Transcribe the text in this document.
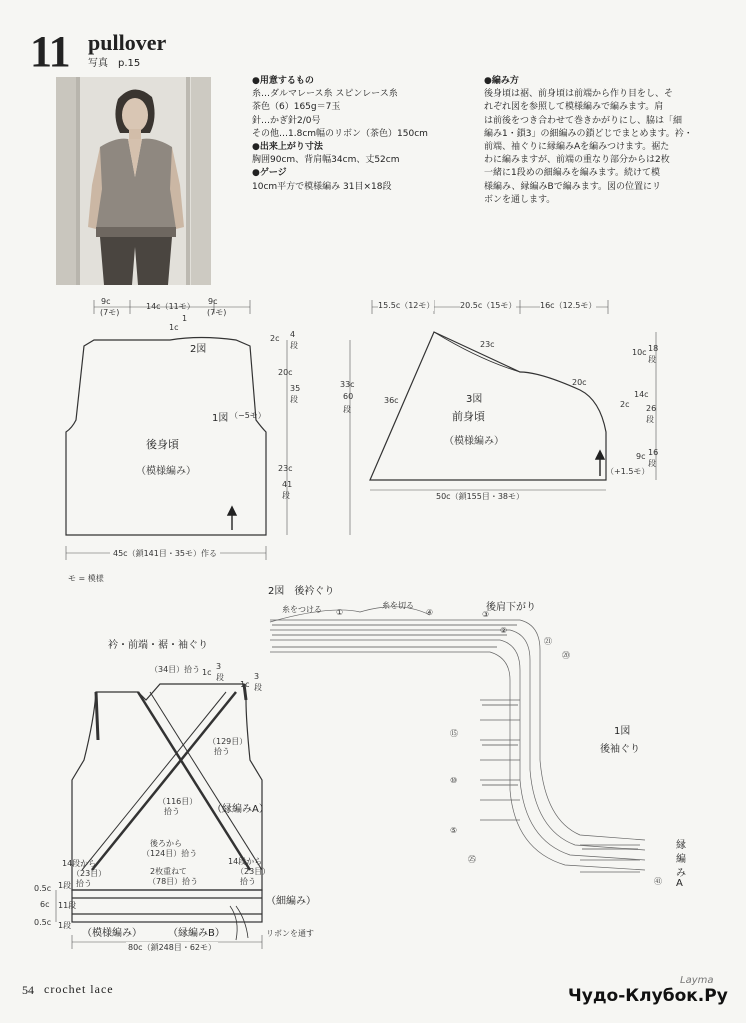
11 pullover
写真　p.15
●用意するもの
糸…ダルマレース糸 スピンレース糸
茶色（6）165g＝7玉
針…かぎ針2/0号
その他…1.8cm幅のリボン（茶色）150cm
●出来上がり寸法
胸囲90cm、背肩幅34cm、丈52cm
●ゲージ
10cm平方で模様編み 31目×18段
●編み方
後身頃は裾、前身頃は前端から作り目をし、そ
れぞれ図を参照して模様編みで編みます。肩
は前後をつき合わせて巻きかがりにし、脇は「細
編み1・鎖3」の細編みの鎖どじでまとめます。衿・
前端、袖ぐりに縁編みAを編みつけます。裾た
わに編みますが、前端の重なり部分からは2枚
一緒に1段めの細編みを編みます。続けて模
様編み、縁編みBで編みます。図の位置にリ
ボンを通します。
9c
(7モ)
14c（11モ）
9c
(7モ)
1c
1
2図
2c 4
段
20c
35
段
23c
41
段
33c
60
段
1図 （−5モ）
後身頃
（模様編み）
45c（鎖141目・35モ）作る
モ = 模様
15.5c（12モ）	20.5c（15モ）	16c（12.5モ）
23c
20c
36c	2c
10c 18
段
14c
26
段
9c 16
段
（+1.5モ）
3図
前身頃
（模様編み）
50c（鎖155目・38モ）
衿・前端・裾・袖ぐり
（34目）拾う 1c
3
段
1c
3
段
（129目）
拾う
（116目）
拾う	（縁編みA）
後ろから
（124目）拾う
2枚重ねて
（78目）拾う
14段から
（23目）
拾う
14段から
（23目）
拾う
0.5c 1段
6c 11段
0.5c 1段
（細編み）
（模様編み）	（縁編みB）	リボンを通す
80c（鎖248目・62モ）
2図　後衿ぐり
糸をつける	糸を切る	後肩下がり
1図
後袖ぐり
縁
編
み
A
①
②
③
④
⑤
⑩
⑮
⑳
㉑
㉕
㊶
54 crochet lace
Layma
Чудо-Клубок.Ру
